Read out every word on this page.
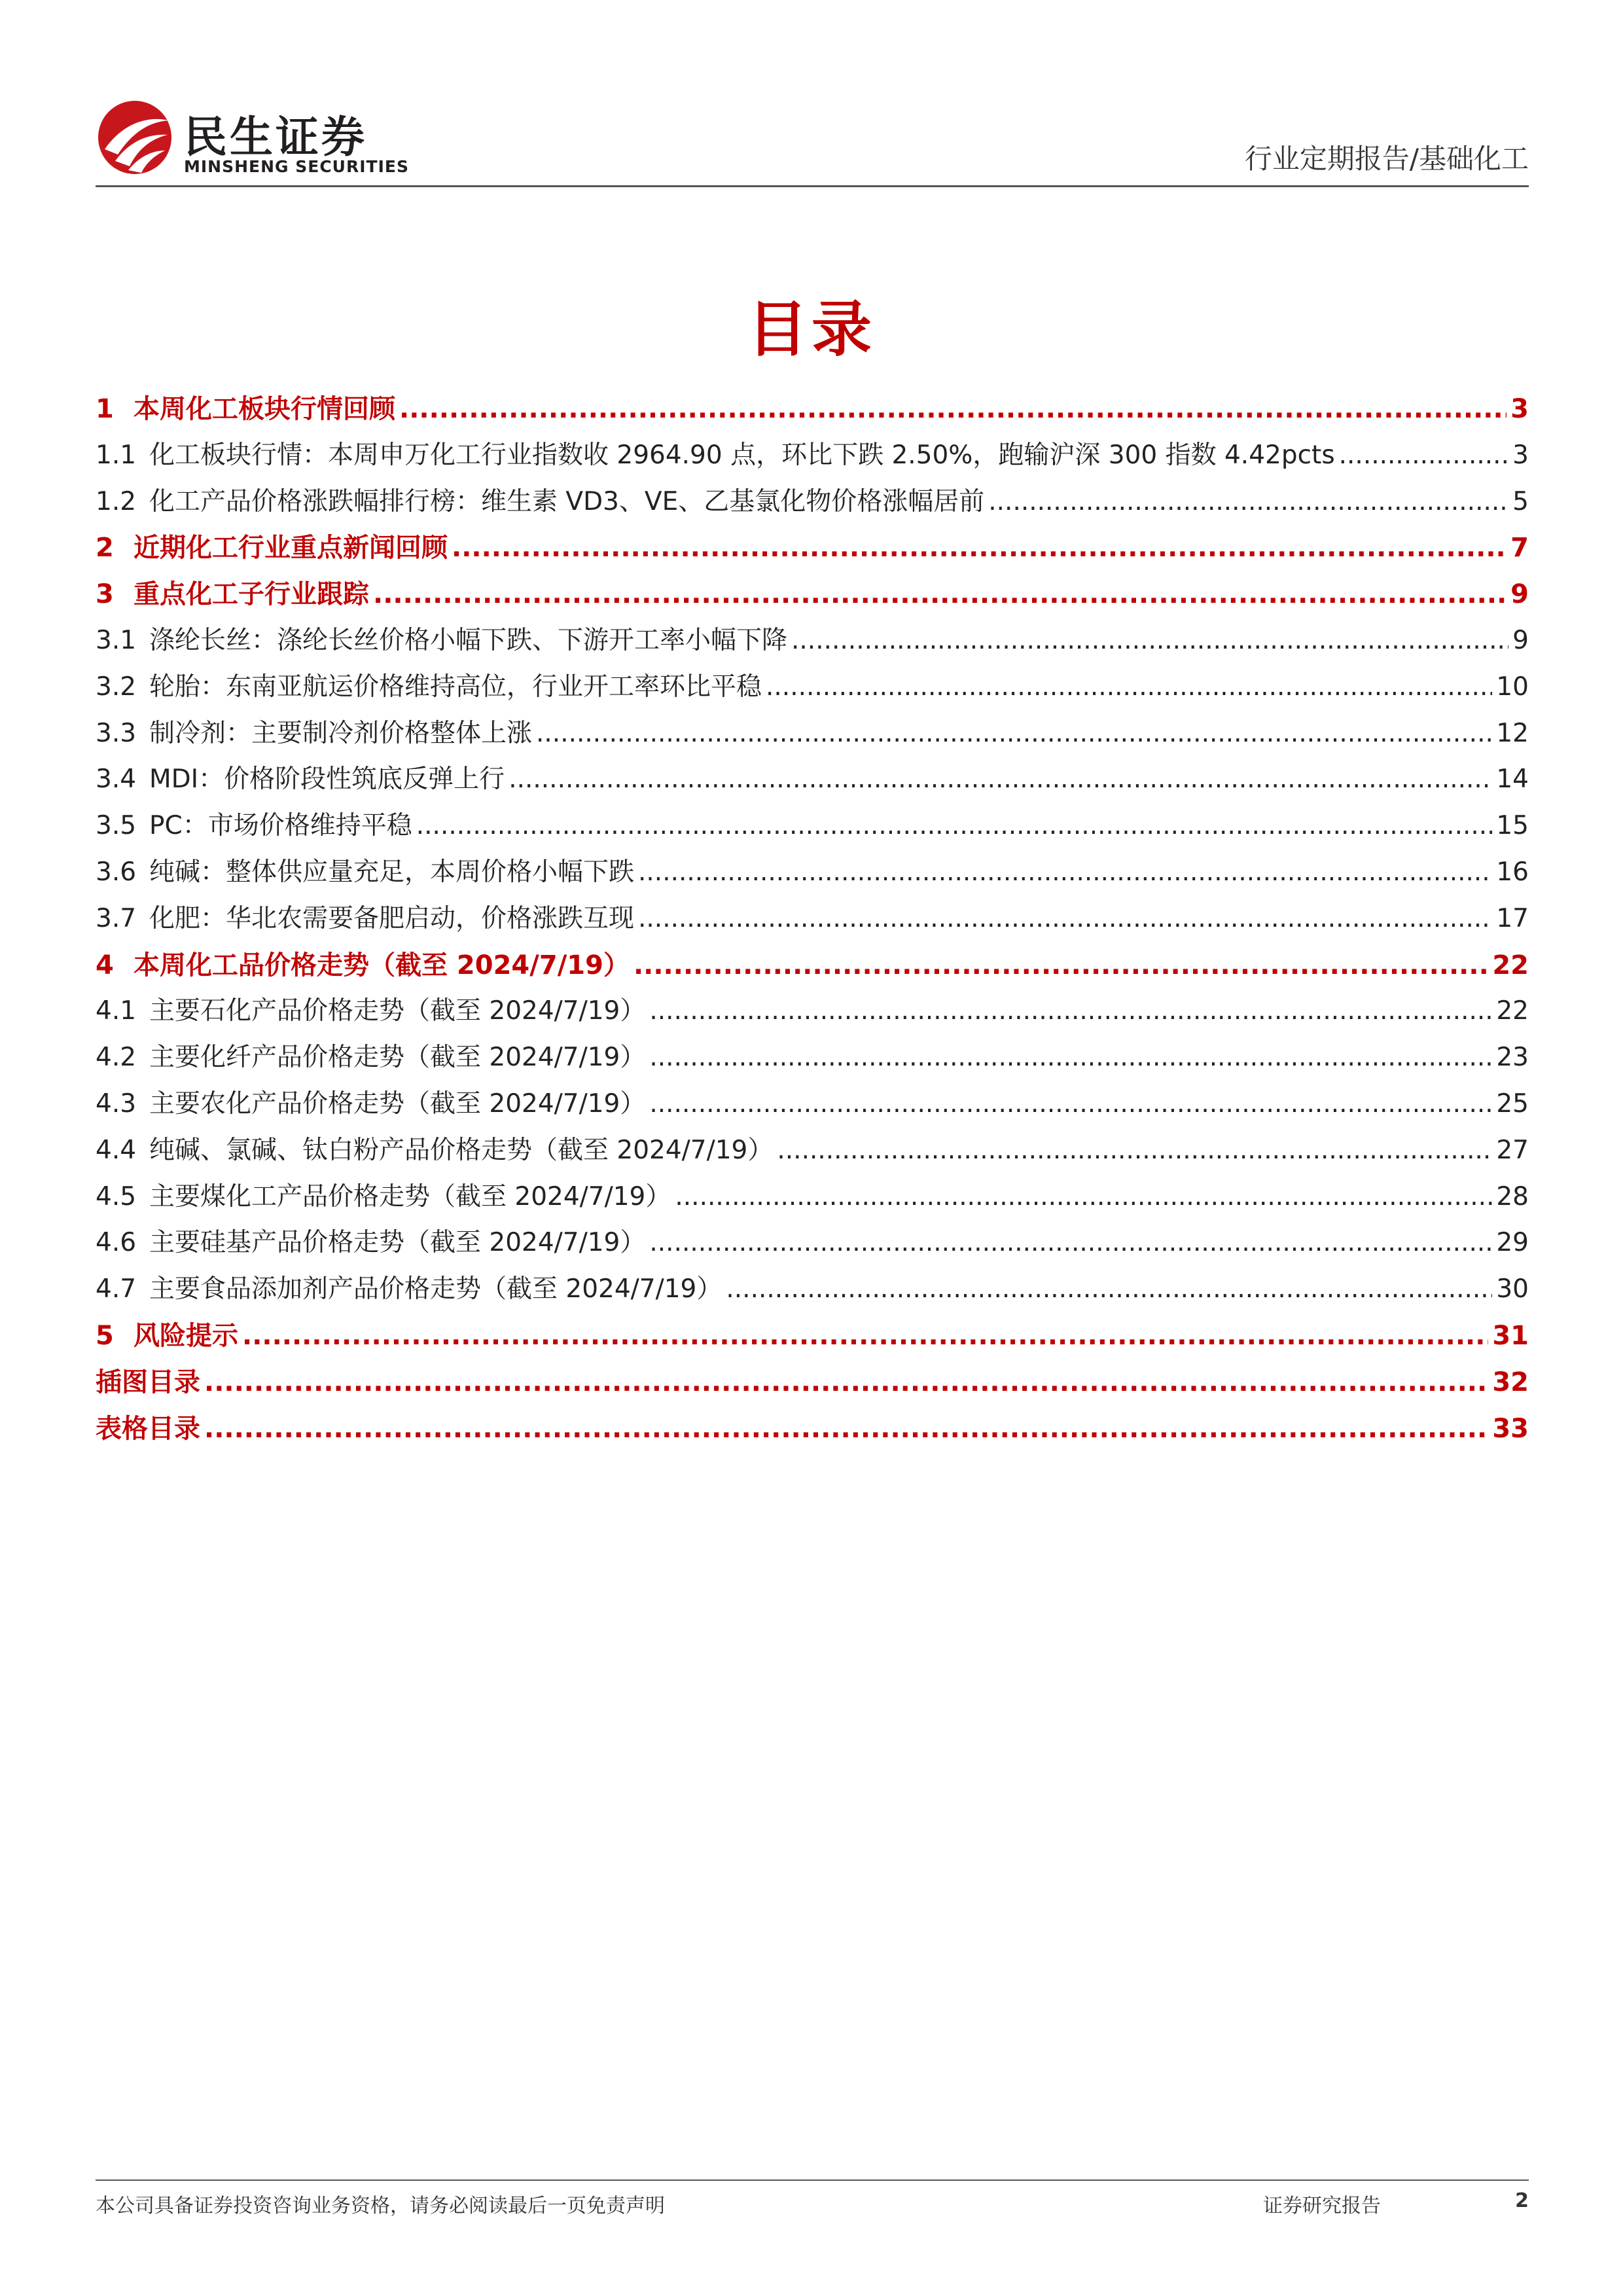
民生证券
MINSHENG SECURITIES	行业定期报告/基础化工
目录
1 本周化工板块行情回顾 .....	3
1.1 化工板块行情：本周申万化工行业指数收 2964.90 点，环比下跌 2.50%，跑输沪深 300 指数 4.42pcts .....	3
1.2 化工产品价格涨跌幅排行榜：维生素 VD3、VE、乙基氯化物价格涨幅居前 .....	5
2 近期化工行业重点新闻回顾 .....	7
3 重点化工子行业跟踪 .....	9
3.1 涤纶长丝：涤纶长丝价格小幅下跌、下游开工率小幅下降 .....	9
3.2 轮胎：东南亚航运价格维持高位，行业开工率环比平稳 .....	10
3.3 制冷剂：主要制冷剂价格整体上涨 .....	12
3.4 MDI：价格阶段性筑底反弹上行 .....	14
3.5 PC：市场价格维持平稳 .....	15
3.6 纯碱：整体供应量充足，本周价格小幅下跌 .....	16
3.7 化肥：华北农需要备肥启动，价格涨跌互现 .....	17
4 本周化工品价格走势（截至 2024/7/19） .....	22
4.1 主要石化产品价格走势（截至 2024/7/19） .....	22
4.2 主要化纤产品价格走势（截至 2024/7/19） .....	23
4.3 主要农化产品价格走势（截至 2024/7/19） .....	25
4.4 纯碱、氯碱、钛白粉产品价格走势（截至 2024/7/19） .....	27
4.5 主要煤化工产品价格走势（截至 2024/7/19） .....	28
4.6 主要硅基产品价格走势（截至 2024/7/19） .....	29
4.7 主要食品添加剂产品价格走势（截至 2024/7/19） .....	30
5 风险提示 .....	31
插图目录 .....	32
表格目录 .....	33
本公司具备证券投资咨询业务资格，请务必阅读最后一页免责声明	证券研究报告	2
